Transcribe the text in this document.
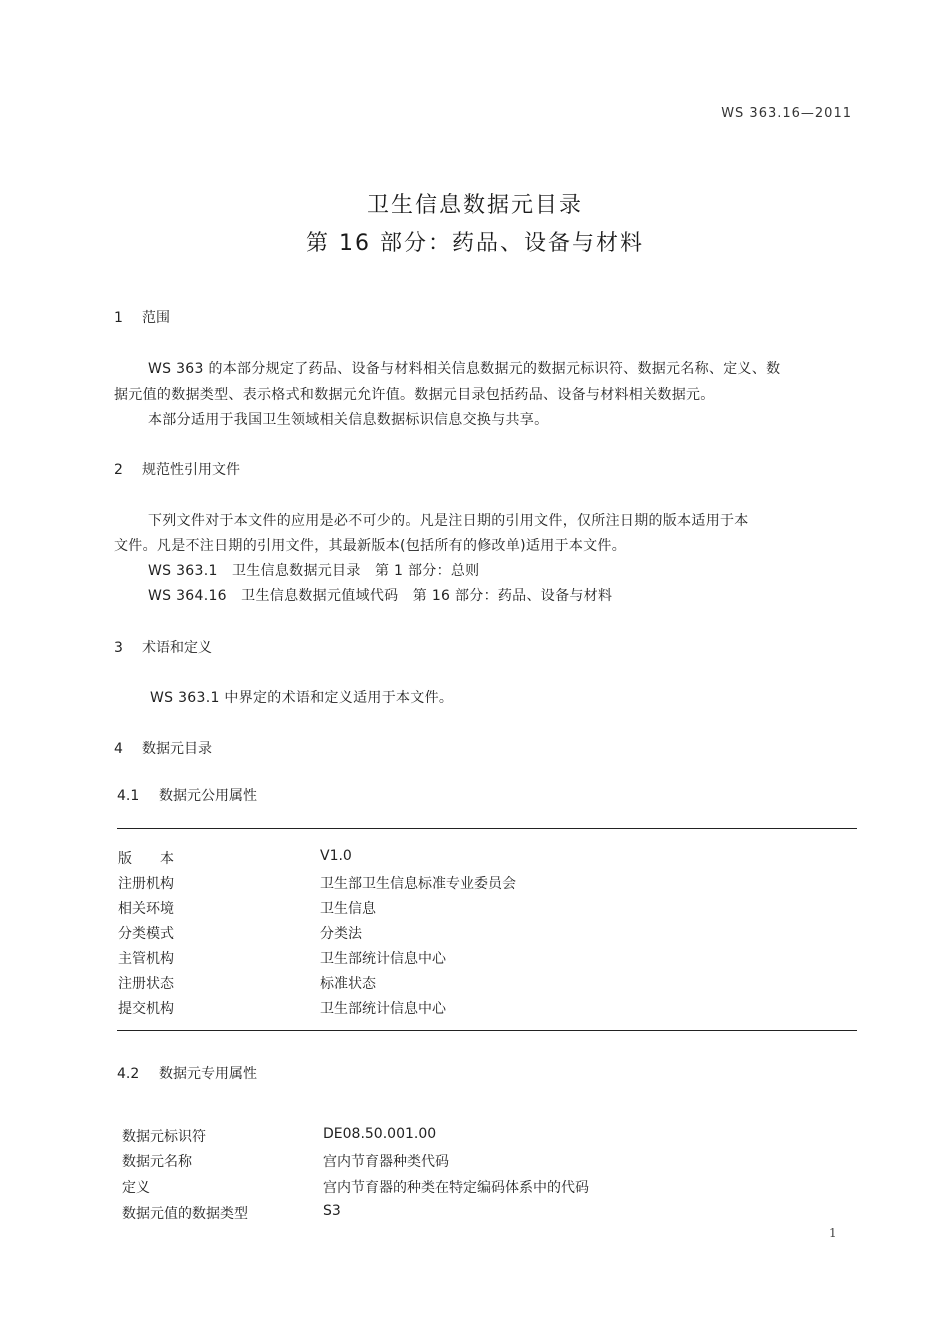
WS 363.16—2011
卫生信息数据元目录
第 16 部分：药品、设备与材料
1 范围
WS 363 的本部分规定了药品、设备与材料相关信息数据元的数据元标识符、数据元名称、定义、数
据元值的数据类型、表示格式和数据元允许值。数据元目录包括药品、设备与材料相关数据元。
本部分适用于我国卫生领域相关信息数据标识信息交换与共享。
2 规范性引用文件
下列文件对于本文件的应用是必不可少的。凡是注日期的引用文件，仅所注日期的版本适用于本
文件。凡是不注日期的引用文件，其最新版本(包括所有的修改单)适用于本文件。
WS 363.1　卫生信息数据元目录　第 1 部分：总则
WS 364.16　卫生信息数据元值域代码　第 16 部分：药品、设备与材料
3 术语和定义
WS 363.1 中界定的术语和定义适用于本文件。
4 数据元目录
4.1 数据元公用属性
版　　本	V1.0
注册机构	卫生部卫生信息标准专业委员会
相关环境	卫生信息
分类模式	分类法
主管机构	卫生部统计信息中心
注册状态	标准状态
提交机构	卫生部统计信息中心
4.2 数据元专用属性
数据元标识符	DE08.50.001.00
数据元名称	宫内节育器种类代码
定义	宫内节育器的种类在特定编码体系中的代码
数据元值的数据类型	S3
1
